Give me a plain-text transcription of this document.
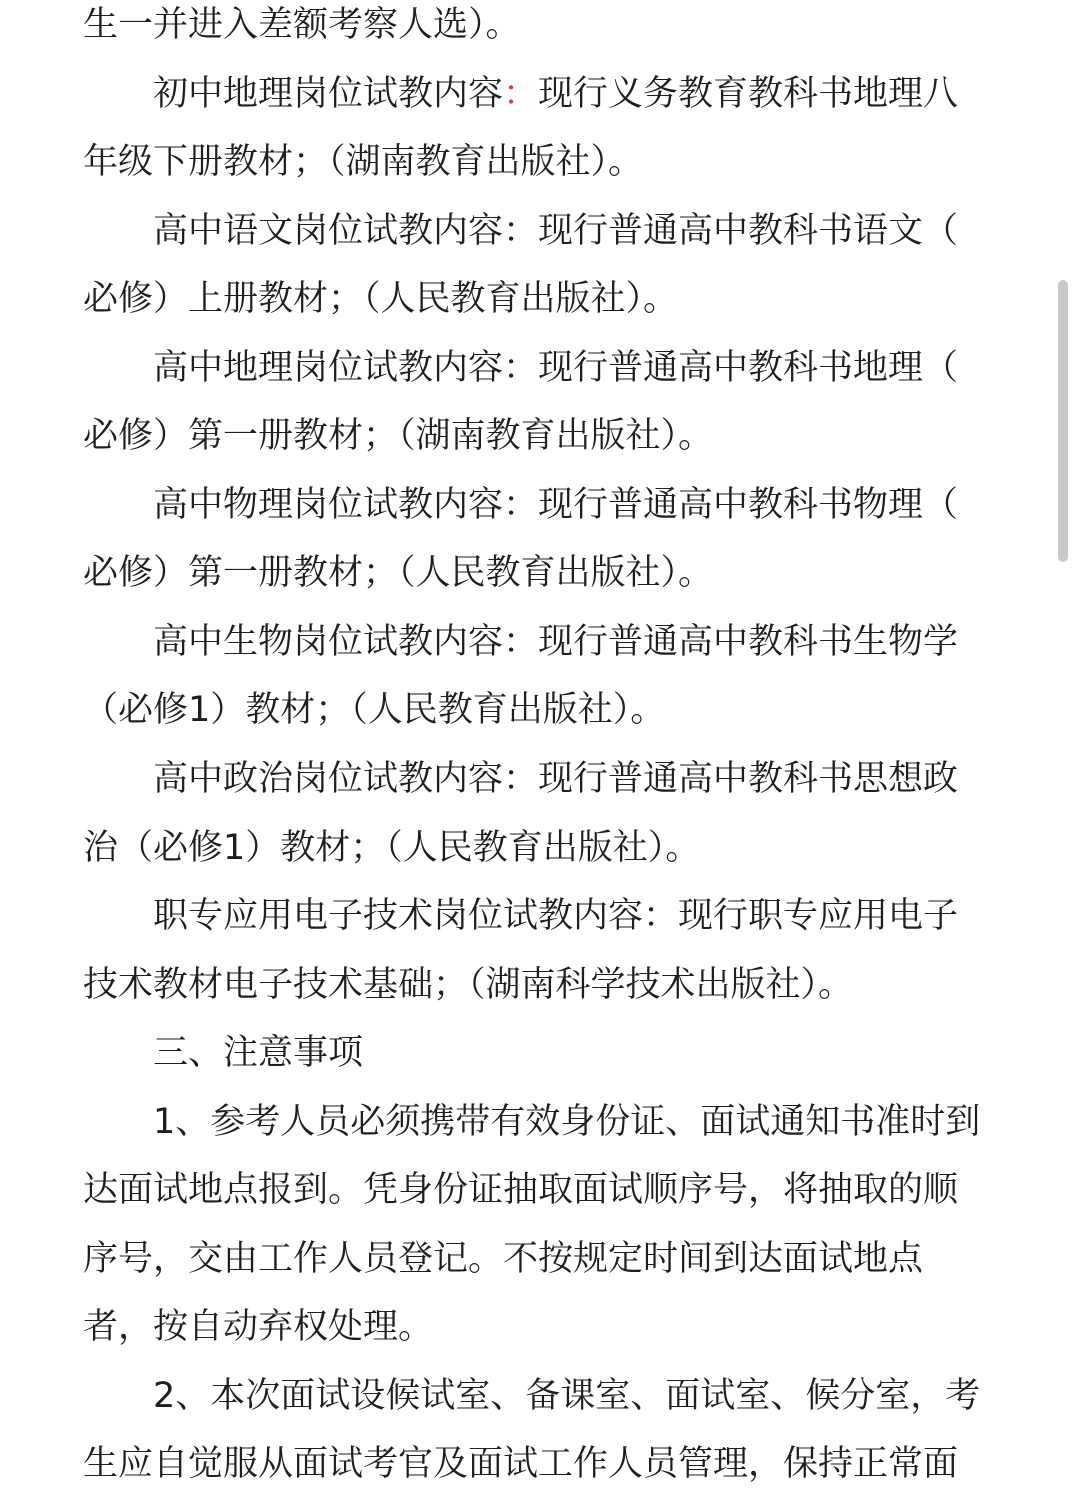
生一并进入差额考察人选）。
初中地理岗位试教内容：现行义务教育教科书地理八
年级下册教材；（湖南教育出版社）。
高中语文岗位试教内容：现行普通高中教科书语文（
必修）上册教材；（人民教育出版社）。
高中地理岗位试教内容：现行普通高中教科书地理（
必修）第一册教材；（湖南教育出版社）。
高中物理岗位试教内容：现行普通高中教科书物理（
必修）第一册教材；（人民教育出版社）。
高中生物岗位试教内容：现行普通高中教科书生物学
（必修1）教材；（人民教育出版社）。
高中政治岗位试教内容：现行普通高中教科书思想政
治（必修1）教材；（人民教育出版社）。
职专应用电子技术岗位试教内容：现行职专应用电子
技术教材电子技术基础；（湖南科学技术出版社）。
三、注意事项
1、参考人员必须携带有效身份证、面试通知书准时到
达面试地点报到。凭身份证抽取面试顺序号，将抽取的顺
序号，交由工作人员登记。不按规定时间到达面试地点
者，按自动弃权处理。
2、本次面试设候试室、备课室、面试室、候分室，考
生应自觉服从面试考官及面试工作人员管理，保持正常面
